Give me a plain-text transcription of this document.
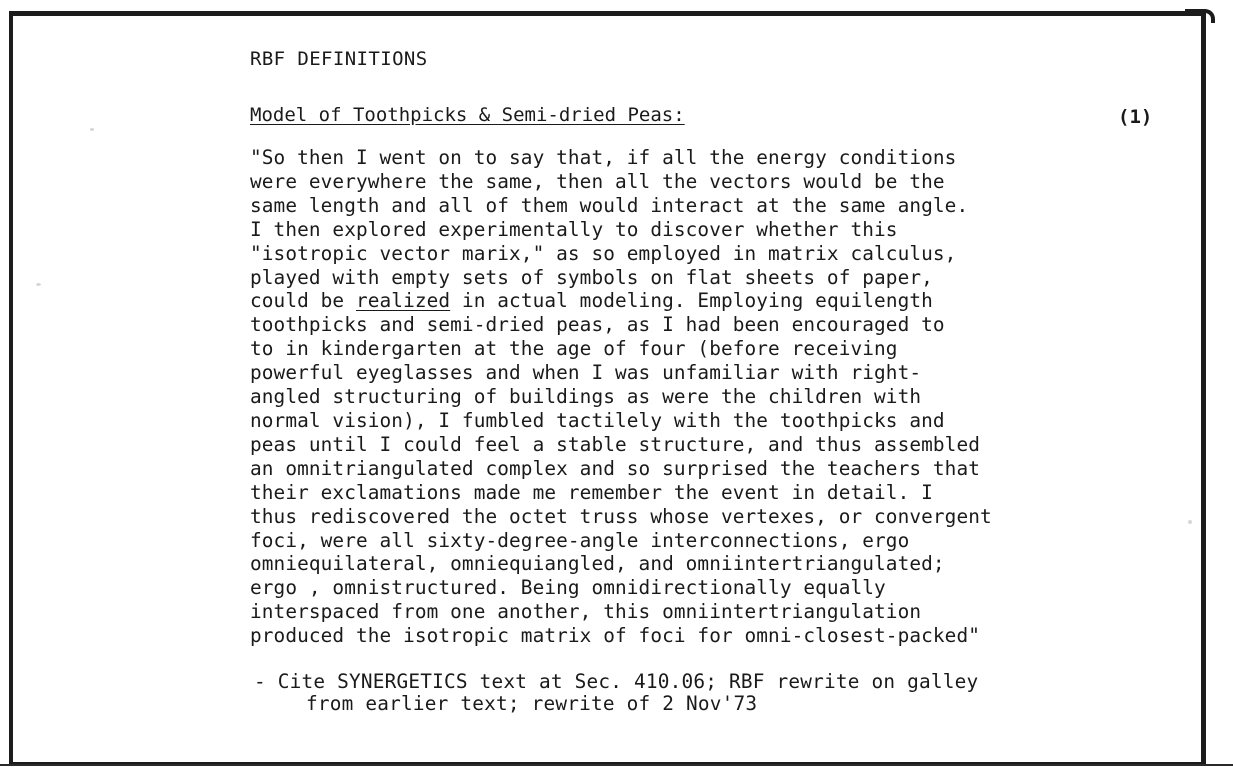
RBF DEFINITIONS
Model of Toothpicks & Semi-dried Peas:	(1)
"So then I went on to say that, if all the energy conditions
were everywhere the same, then all the vectors would be the
same length and all of them would interact at the same angle.
I then explored experimentally to discover whether this
"isotropic vector marix," as so employed in matrix calculus,
played with empty sets of symbols on flat sheets of paper,
could be realized in actual modeling. Employing equilength
toothpicks and semi-dried peas, as I had been encouraged to
to in kindergarten at the age of four (before receiving
powerful eyeglasses and when I was unfamiliar with right-
angled structuring of buildings as were the children with
normal vision), I fumbled tactilely with the toothpicks and
peas until I could feel a stable structure, and thus assembled
an omnitriangulated complex and so surprised the teachers that
their exclamations made me remember the event in detail. I
thus rediscovered the octet truss whose vertexes, or convergent
foci, were all sixty-degree-angle interconnections, ergo
omniequilateral, omniequiangled, and omniintertriangulated;
ergo , omnistructured. Being omnidirectionally equally
interspaced from one another, this omniintertriangulation
produced the isotropic matrix of foci for omni-closest-packed"
- Cite SYNERGETICS text at Sec. 410.06; RBF rewrite on galley
from earlier text; rewrite of 2 Nov'73
